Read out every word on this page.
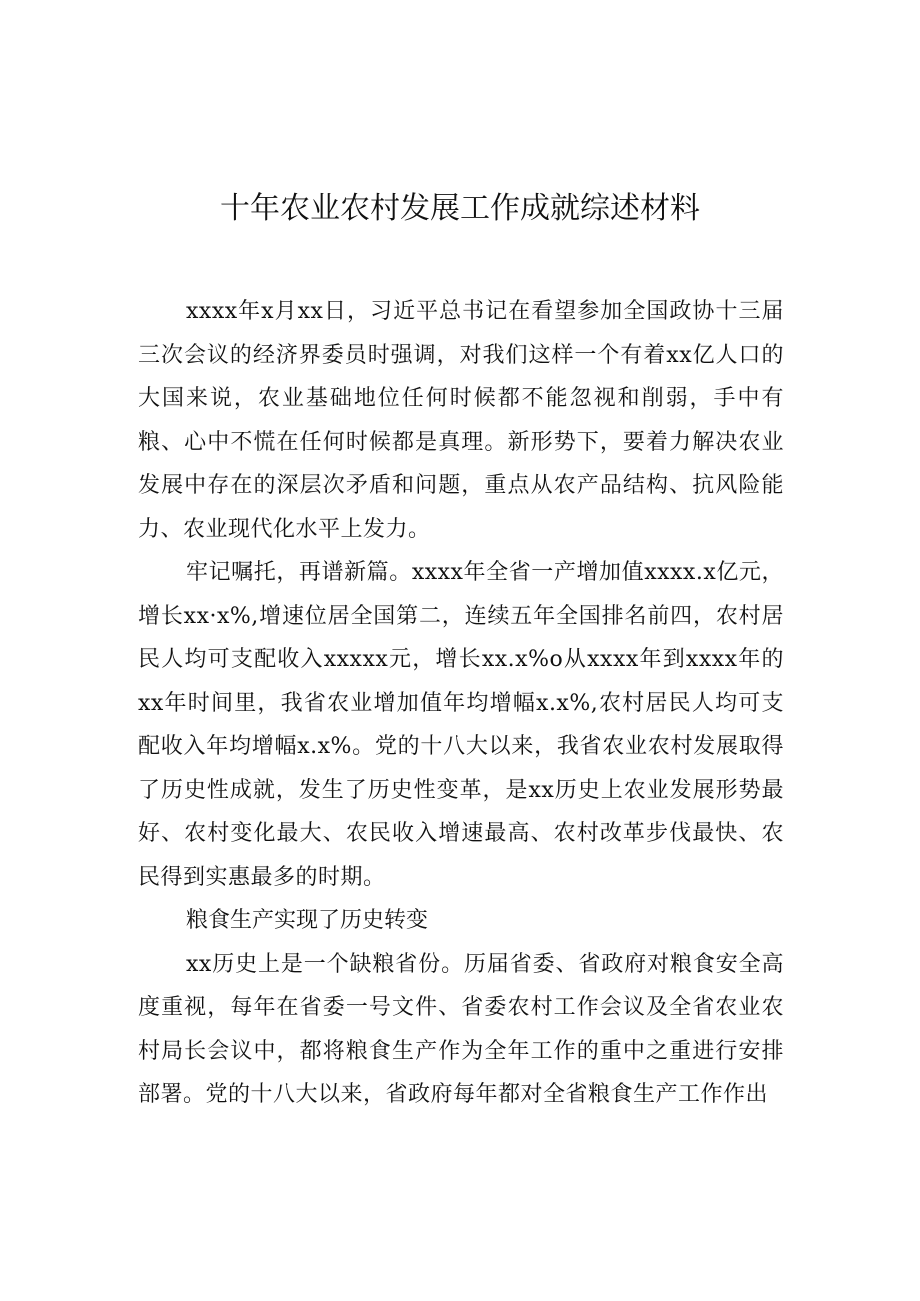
十年农业农村发展工作成就综述材料

xxxx年x月xx日，习近平总书记在看望参加全国政协十三届三次会议的经济界委员时强调，对我们这样一个有着xx亿人口的大国来说，农业基础地位任何时候都不能忽视和削弱，手中有粮、心中不慌在任何时候都是真理。新形势下，要着力解决农业发展中存在的深层次矛盾和问题，重点从农产品结构、抗风险能力、农业现代化水平上发力。

牢记嘱托，再谱新篇。xxxx年全省一产增加值xxxx.x亿元，增长xx·x%,增速位居全国第二，连续五年全国排名前四，农村居民人均可支配收入xxxxx元，增长xx.x%o从xxxx年到xxxx年的xx年时间里，我省农业增加值年均增幅x.x%,农村居民人均可支配收入年均增幅x.x%。党的十八大以来，我省农业农村发展取得了历史性成就，发生了历史性变革，是xx历史上农业发展形势最好、农村变化最大、农民收入增速最高、农村改革步伐最快、农民得到实惠最多的时期。

粮食生产实现了历史转变

xx历史上是一个缺粮省份。历届省委、省政府对粮食安全高度重视，每年在省委一号文件、省委农村工作会议及全省农业农村局长会议中，都将粮食生产作为全年工作的重中之重进行安排部署。党的十八大以来，省政府每年都对全省粮食生产工作作出
